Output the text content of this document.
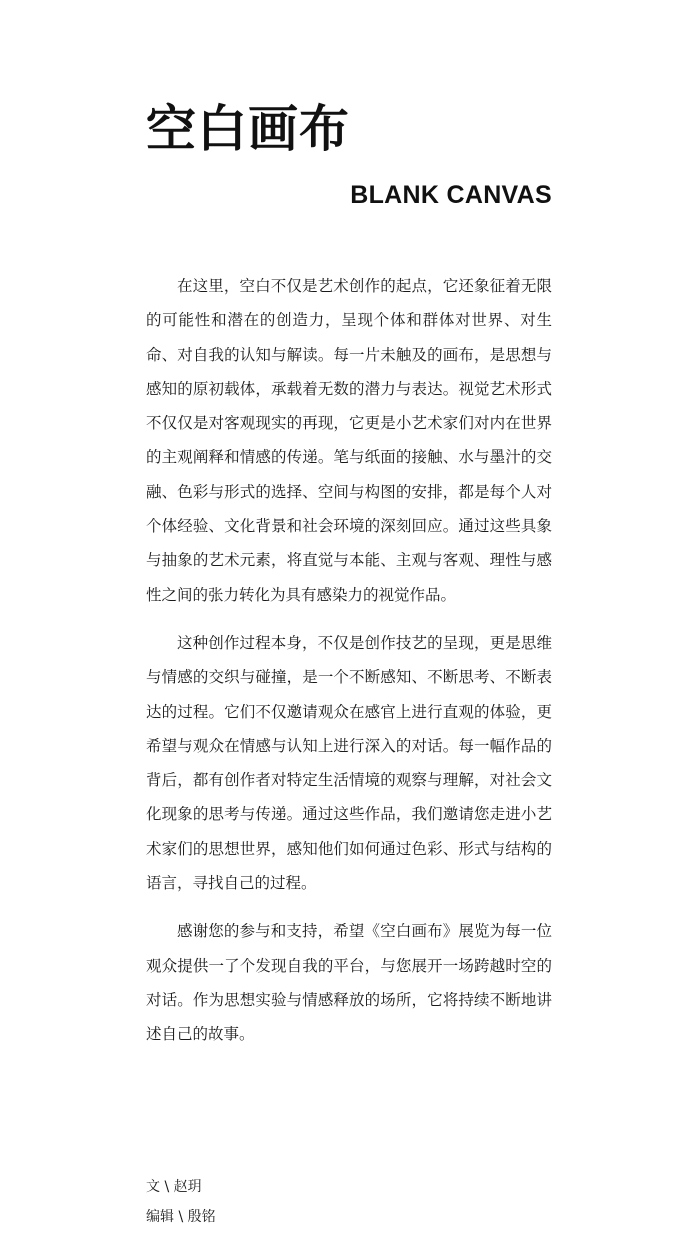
空白画布
BLANK CANVAS

在这里，空白不仅是艺术创作的起点，它还象征着无限的可能性和潜在的创造力，呈现个体和群体对世界、对生命、对自我的认知与解读。每一片未触及的画布，是思想与感知的原初载体，承载着无数的潜力与表达。视觉艺术形式不仅仅是对客观现实的再现，它更是小艺术家们对内在世界的主观阐释和情感的传递。笔与纸面的接触、水与墨汁的交融、色彩与形式的选择、空间与构图的安排，都是每个人对个体经验、文化背景和社会环境的深刻回应。通过这些具象与抽象的艺术元素，将直觉与本能、主观与客观、理性与感性之间的张力转化为具有感染力的视觉作品。

这种创作过程本身，不仅是创作技艺的呈现，更是思维与情感的交织与碰撞，是一个不断感知、不断思考、不断表达的过程。它们不仅邀请观众在感官上进行直观的体验，更希望与观众在情感与认知上进行深入的对话。每一幅作品的背后，都有创作者对特定生活情境的观察与理解，对社会文化现象的思考与传递。通过这些作品，我们邀请您走进小艺术家们的思想世界，感知他们如何通过色彩、形式与结构的语言，寻找自己的过程。

感谢您的参与和支持，希望《空白画布》展览为每一位观众提供一了个发现自我的平台，与您展开一场跨越时空的对话。作为思想实验与情感释放的场所，它将持续不断地讲述自己的故事。

文 \ 赵玥
编辑 \ 殷铭
